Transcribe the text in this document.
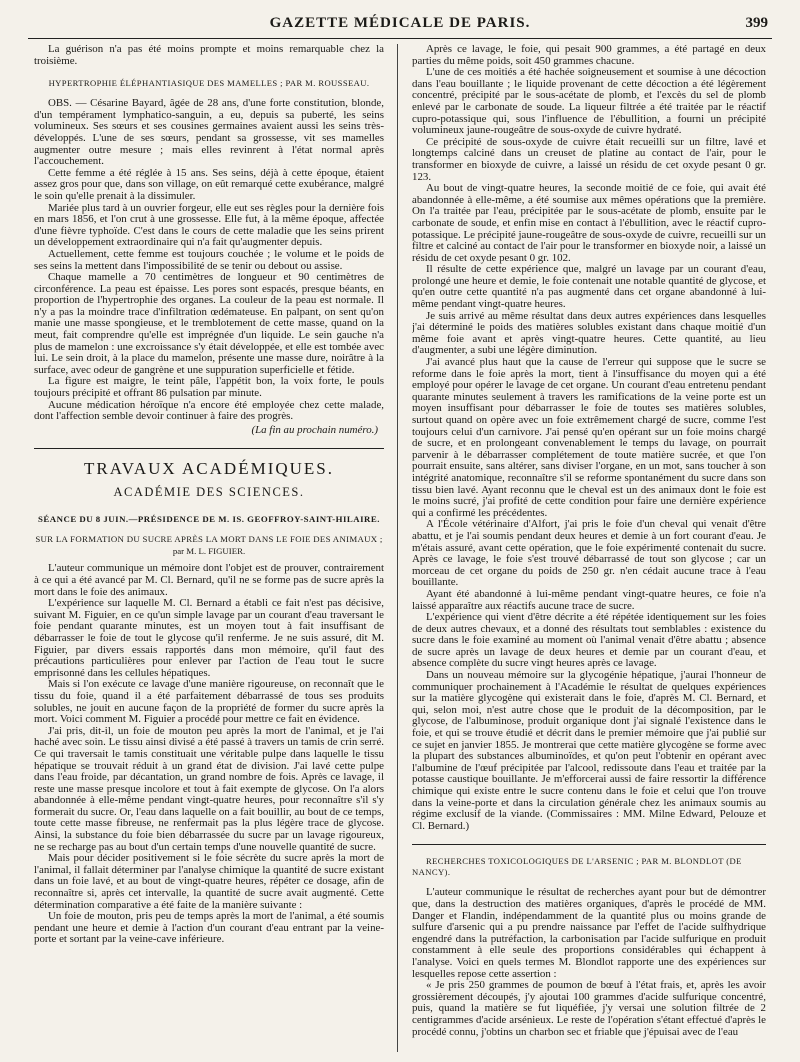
GAZETTE MÉDICALE DE PARIS.	399

La guérison n'a pas été moins prompte et moins remarquable chez la troisième.

HYPERTROPHIE ÉLÉPHANTIASIQUE DES MAMELLES ; PAR M. ROUSSEAU.

OBS. — Césarine Bayard, âgée de 28 ans, d'une forte constitution, blonde, d'un tempérament lymphatico-sanguin, a eu, depuis sa puberté, les seins volumineux. Ses sœurs et ses cousines germaines avaient aussi les seins très-développés. L'une de ses sœurs, pendant sa grossesse, vit ses mamelles augmenter outre mesure ; mais elles revinrent à l'état normal après l'accouchement.

Cette femme a été réglée à 15 ans. Ses seins, déjà à cette époque, étaient assez gros pour que, dans son village, on eût remarqué cette exubérance, malgré le soin qu'elle prenait à la dissimuler.

Mariée plus tard à un ouvrier forgeur, elle eut ses règles pour la dernière fois en mars 1856, et l'on crut à une grossesse. Elle fut, à la même époque, affectée d'une fièvre typhoïde. C'est dans le cours de cette maladie que les seins prirent un développement extraordinaire qui n'a fait qu'augmenter depuis.

Actuellement, cette femme est toujours couchée ; le volume et le poids de ses seins la mettent dans l'impossibilité de se tenir ou debout ou assise.

Chaque mamelle a 70 centimètres de longueur et 90 centimètres de circonférence. La peau est épaisse. Les pores sont espacés, presque béants, en proportion de l'hypertrophie des organes. La couleur de la peau est normale. Il n'y a pas la moindre trace d'infiltration œdémateuse. En palpant, on sent qu'on manie une masse spongieuse, et le tremblotement de cette masse, quand on la meut, fait comprendre qu'elle est imprégnée d'un liquide. Le sein gauche n'a plus de mamelon : une excroissance s'y était développée, et elle est tombée avec lui. Le sein droit, à la place du mamelon, présente une masse dure, noirâtre à la surface, avec odeur de gangrène et une suppuration superficielle et fétide.

La figure est maigre, le teint pâle, l'appétit bon, la voix forte, le pouls toujours précipité et offrant 86 pulsation par minute.

Aucune médication héroïque n'a encore été employée chez cette malade, dont l'affection semble devoir continuer à faire des progrès.

(La fin au prochain numéro.)
TRAVAUX ACADÉMIQUES.
ACADÉMIE DES SCIENCES.
SÉANCE DU 8 JUIN.—PRÉSIDENCE DE M. IS. GEOFFROY-SAINT-HILAIRE.
SUR LA FORMATION DU SUCRE APRÈS LA MORT DANS LE FOIE DES ANIMAUX ;
par M. L. FIGUIER.

L'auteur communique un mémoire dont l'objet est de prouver, contrairement à ce qui a été avancé par M. Cl. Bernard, qu'il ne se forme pas de sucre après la mort dans le foie des animaux.

L'expérience sur laquelle M. Cl. Bernard a établi ce fait n'est pas décisive, suivant M. Figuier, en ce qu'un simple lavage par un courant d'eau traversant le foie pendant quarante minutes, est un moyen tout à fait insuffisant de débarrasser le foie de tout le glycose qu'il renferme. Je ne suis assuré, dit M. Figuier, par divers essais rapportés dans mon mémoire, qu'il faut des précautions particulières pour enlever par l'action de l'eau tout le sucre emprisonné dans les cellules hépatiques.

Mais si l'on exécute ce lavage d'une manière rigoureuse, on reconnaît que le tissu du foie, quand il a été parfaitement débarrassé de tous ses produits solubles, ne jouit en aucune façon de la propriété de former du sucre après la mort. Voici comment M. Figuier a procédé pour mettre ce fait en évidence.

J'ai pris, dit-il, un foie de mouton peu après la mort de l'animal, et je l'ai haché avec soin. Le tissu ainsi divisé a été passé à travers un tamis de crin serré. Ce qui traversait le tamis constituait une véritable pulpe dans laquelle le tissu hépatique se trouvait réduit à un grand état de division. J'ai lavé cette pulpe dans l'eau froide, par décantation, un grand nombre de fois. Après ce lavage, il reste une masse presque incolore et tout à fait exempte de glycose. On l'a alors abandonnée à elle-même pendant vingt-quatre heures, pour reconnaître s'il s'y formerait du sucre. Or, l'eau dans laquelle on a fait bouillir, au bout de ce temps, toute cette masse fibreuse, ne renfermait pas la plus légère trace de glycose. Ainsi, la substance du foie bien débarrassée du sucre par un lavage rigoureux, ne se recharge pas au bout d'un certain temps d'une nouvelle quantité de sucre.

Mais pour décider positivement si le foie sécrète du sucre après la mort de l'animal, il fallait déterminer par l'analyse chimique la quantité de sucre existant dans un foie lavé, et au bout de vingt-quatre heures, répéter ce dosage, afin de reconnaître si, après cet intervalle, la quantité de sucre avait augmenté. Cette détermination comparative a été faite de la manière suivante :

Un foie de mouton, pris peu de temps après la mort de l'animal, a été soumis pendant une heure et demie à l'action d'un courant d'eau entrant par la veine-porte et sortant par la veine-cave inférieure.

Après ce lavage, le foie, qui pesait 900 grammes, a été partagé en deux parties du même poids, soit 450 grammes chacune.

L'une de ces moitiés a été hachée soigneusement et soumise à une décoction dans l'eau bouillante ; le liquide provenant de cette décoction a été légèrement concentré, précipité par le sous-acétate de plomb, et l'excès du sel de plomb enlevé par le carbonate de soude. La liqueur filtrée a été traitée par le réactif cupro-potassique qui, sous l'influence de l'ébullition, a fourni un précipité volumineux jaune-rougeâtre de sous-oxyde de cuivre hydraté.

Ce précipité de sous-oxyde de cuivre était recueilli sur un filtre, lavé et longtemps calciné dans un creuset de platine au contact de l'air, pour le transformer en bioxyde de cuivre, a laissé un résidu de cet oxyde pesant 0 gr. 123.

Au bout de vingt-quatre heures, la seconde moitié de ce foie, qui avait été abandonnée à elle-même, a été soumise aux mêmes opérations que la première. On l'a traitée par l'eau, précipitée par le sous-acétate de plomb, ensuite par le carbonate de soude, et enfin mise en contact à l'ébullition, avec le réactif cupro-potassique. Le précipité jaune-rougeâtre de sous-oxyde de cuivre, recueilli sur un filtre et calciné au contact de l'air pour le transformer en bioxyde noir, a laissé un résidu de cet oxyde pesant 0 gr. 102.

Il résulte de cette expérience que, malgré un lavage par un courant d'eau, prolongé une heure et demie, le foie contenait une notable quantité de glycose, et qu'en outre cette quantité n'a pas augmenté dans cet organe abandonné à lui-même pendant vingt-quatre heures.

Je suis arrivé au même résultat dans deux autres expériences dans lesquelles j'ai déterminé le poids des matières solubles existant dans chaque moitié d'un même foie avant et après vingt-quatre heures. Cette quantité, au lieu d'augmenter, a subi une légère diminution.

J'ai avancé plus haut que la cause de l'erreur qui suppose que le sucre se reforme dans le foie après la mort, tient à l'insuffisance du moyen qui a été employé pour opérer le lavage de cet organe. Un courant d'eau entretenu pendant quarante minutes seulement à travers les ramifications de la veine porte est un moyen insuffisant pour débarrasser le foie de toutes ses matières solubles, surtout quand on opère avec un foie extrêmement chargé de sucre, comme l'est toujours celui d'un carnivore. J'ai pensé qu'en opérant sur un foie moins chargé de sucre, et en prolongeant convenablement le temps du lavage, on pourrait parvenir à le débarrasser complétement de toute matière sucrée, et que l'on pourrait ensuite, sans altérer, sans diviser l'organe, en un mot, sans toucher à son intégrité anatomique, reconnaître s'il se reforme spontanément du sucre dans son tissu bien lavé. Ayant reconnu que le cheval est un des animaux dont le foie est le moins sucré, j'ai profité de cette condition pour faire une dernière expérience qui a confirmé les précédentes.

A l'École vétérinaire d'Alfort, j'ai pris le foie d'un cheval qui venait d'être abattu, et je l'ai soumis pendant deux heures et demie à un fort courant d'eau. Je m'étais assuré, avant cette opération, que le foie expérimenté contenait du sucre. Après ce lavage, le foie s'est trouvé débarrassé de tout son glycose ; car un morceau de cet organe du poids de 250 gr. n'en cédait aucune trace à l'eau bouillante.

Ayant été abandonné à lui-même pendant vingt-quatre heures, ce foie n'a laissé apparaître aux réactifs aucune trace de sucre.

L'expérience qui vient d'être décrite a été répétée identiquement sur les foies de deux autres chevaux, et a donné des résultats tout semblables : existence du sucre dans le foie examiné au moment où l'animal venait d'être abattu ; absence de sucre après un lavage de deux heures et demie par un courant d'eau, et absence complète du sucre vingt heures après ce lavage.

Dans un nouveau mémoire sur la glycogénie hépatique, j'aurai l'honneur de communiquer prochainement à l'Académie le résultat de quelques expériences sur la matière glycogène qui existerait dans le foie, d'après M. Cl. Bernard, et qui, selon moi, n'est autre chose que le produit de la décomposition, par le glycose, de l'albuminose, produit organique dont j'ai signalé l'existence dans le foie, et qui se trouve étudié et décrit dans le premier mémoire que j'ai publié sur ce sujet en janvier 1855. Je montrerai que cette matière glycogène se forme avec la plupart des substances albuminoïdes, et qu'on peut l'obtenir en opérant avec l'albumine de l'œuf précipitée par l'alcool, redissoute dans l'eau et traitée par la potasse caustique bouillante. Je m'efforcerai aussi de faire ressortir la différence chimique qui existe entre le sucre contenu dans le foie et celui que l'on trouve dans la veine-porte et dans la circulation générale chez les animaux soumis au régime exclusif de la viande. (Commissaires : MM. Milne Edward, Pelouze et Cl. Bernard.)

RECHERCHES TOXICOLOGIQUES DE L'ARSENIC ; PAR M. BLONDLOT (DE NANCY).

L'auteur communique le résultat de recherches ayant pour but de démontrer que, dans la destruction des matières organiques, d'après le procédé de MM. Danger et Flandin, indépendamment de la quantité plus ou moins grande de sulfure d'arsenic qui a pu prendre naissance par l'effet de l'acide sulfhydrique engendré dans la putréfaction, la carbonisation par l'acide sulfurique en produit constamment à elle seule des proportions considérables qui échappent à l'analyse. Voici en quels termes M. Blondlot rapporte une des expériences sur lesquelles repose cette assertion :

« Je pris 250 grammes de poumon de bœuf à l'état frais, et, après les avoir grossièrement découpés, j'y ajoutai 100 grammes d'acide sulfurique concentré, puis, quand la matière se fut liquéfiée, j'y versai une solution filtrée de 2 centigrammes d'acide arsénieux. Le reste de l'opération s'étant effectué d'après le procédé connu, j'obtins un charbon sec et friable que j'épuisai avec de l'eau
